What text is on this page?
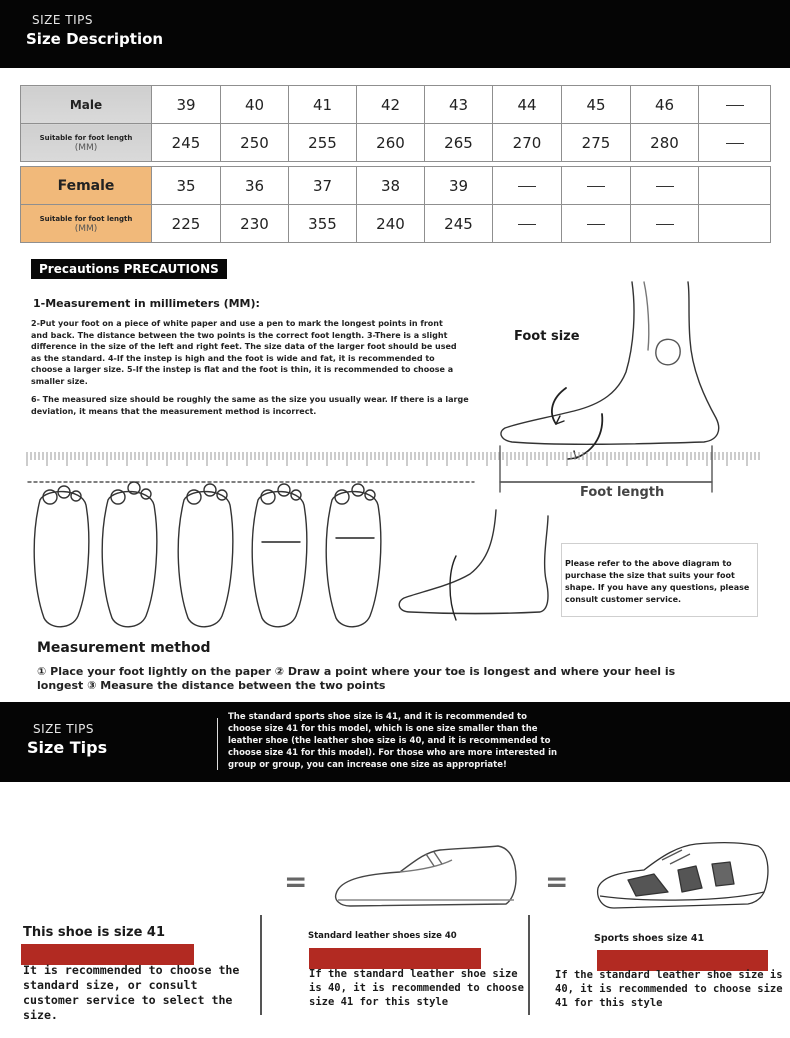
SIZE TIPS
Size Description
Male	39	40	41	42	43	44	45	46	
Suitable for foot length
(MM)	245	250	255	260	265	270	275	280	
Female	35	36	37	38	39				
Suitable for foot length
(MM)	225	230	355	240	245				
Precautions PRECAUTIONS
1-Measurement in millimeters (MM):
2-Put your foot on a piece of white paper and use a pen to mark the longest points in front and back. The distance between the two points is the correct foot length. 3-There is a slight difference in the size of the left and right feet. The size data of the larger foot should be used as the standard. 4-If the instep is high and the foot is wide and fat, it is recommended to choose a larger size. 5-If the instep is flat and the foot is thin, it is recommended to choose a smaller size.
6- The measured size should be roughly the same as the size you usually wear. If there is a large deviation, it means that the measurement method is incorrect.
Foot size
Foot length
Please refer to the above diagram to purchase the size that suits your foot shape. If you have any questions, please consult customer service.
Measurement method
① Place your foot lightly on the paper ② Draw a point where your toe is longest and where your heel is longest ③ Measure the distance between the two points
SIZE TIPS
Size Tips
The standard sports shoe size is 41, and it is recommended to choose size 41 for this model, which is one size smaller than the leather shoe (the leather shoe size is 40, and it is recommended to choose size 41 for this model). For those who are more interested in group or group, you can increase one size as appropriate!
=	=
This shoe is size 41
It is recommended to choose the standard size, or consult customer service to select the size.
Standard leather shoes size 40
If the standard leather shoe size is 40, it is recommended to choose size 41 for this style
Sports shoes size 41
If the standard leather shoe size is 40, it is recommended to choose size 41 for this style
